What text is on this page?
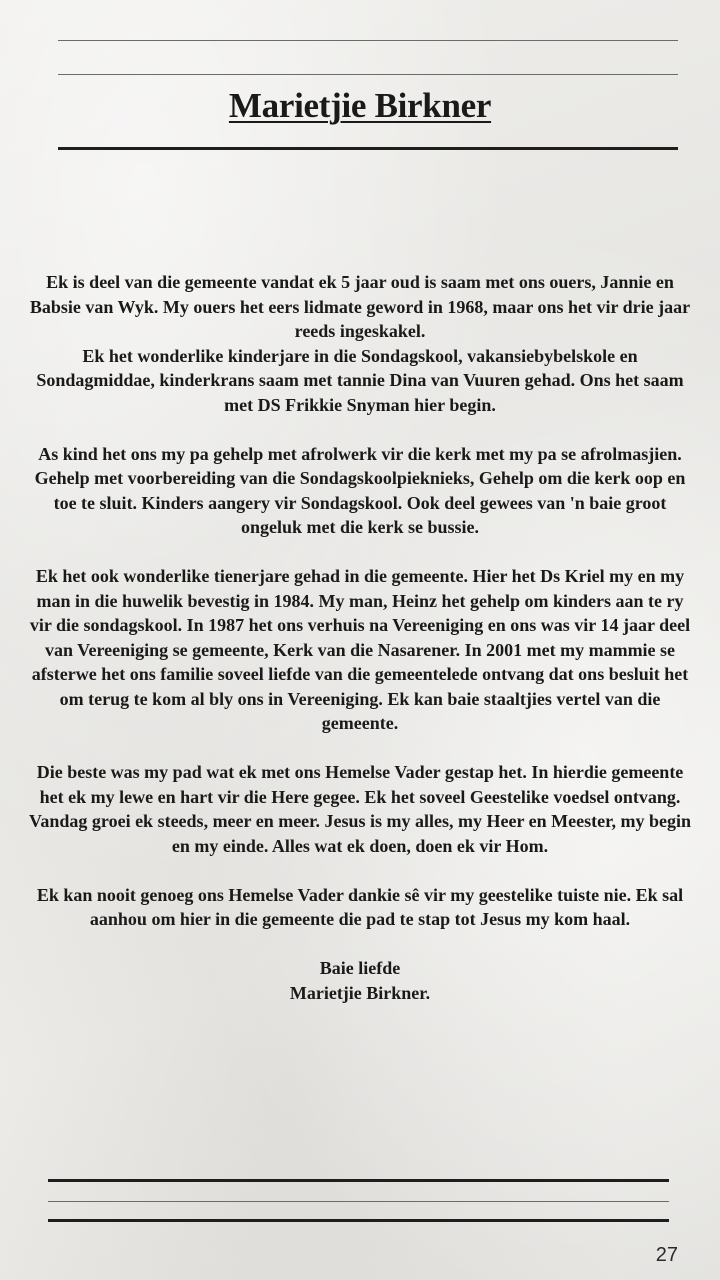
Marietjie Birkner

Ek is deel van die gemeente vandat ek 5 jaar oud is saam met ons ouers, Jannie en Babsie van Wyk. My ouers het eers lidmate geword in 1968, maar ons het vir drie jaar reeds ingeskakel.

Ek het wonderlike kinderjare in die Sondagskool, vakansiebybelskole en Sondagmiddae, kinderkrans saam met tannie Dina van Vuuren gehad. Ons het saam met DS Frikkie Snyman hier begin.

As kind het ons my pa gehelp met afrolwerk vir die kerk met my pa se afrolmasjien. Gehelp met voorbereiding van die Sondagskoolpieknieks, Gehelp om die kerk oop en toe te sluit. Kinders aangery vir Sondagskool. Ook deel gewees van 'n baie groot ongeluk met die kerk se bussie.

Ek het ook wonderlike tienerjare gehad in die gemeente. Hier het Ds Kriel my en my man in die huwelik bevestig in 1984. My man, Heinz het gehelp om kinders aan te ry vir die sondagskool. In 1987 het ons verhuis na Vereeniging en ons was vir 14 jaar deel van Vereeniging se gemeente, Kerk van die Nasarener. In 2001 met my mammie se afsterwe het ons familie soveel liefde van die gemeentelede ontvang dat ons besluit het om terug te kom al bly ons in Vereeniging. Ek kan baie staaltjies vertel van die gemeente.

Die beste was my pad wat ek met ons Hemelse Vader gestap het. In hierdie gemeente het ek my lewe en hart vir die Here gegee. Ek het soveel Geestelike voedsel ontvang. Vandag groei ek steeds, meer en meer. Jesus is my alles, my Heer en Meester, my begin en my einde. Alles wat ek doen, doen ek vir Hom.

Ek kan nooit genoeg ons Hemelse Vader dankie sê vir my geestelike tuiste nie. Ek sal aanhou om hier in die gemeente die pad te stap tot Jesus my kom haal.

Baie liefde

Marietjie Birkner.

27
